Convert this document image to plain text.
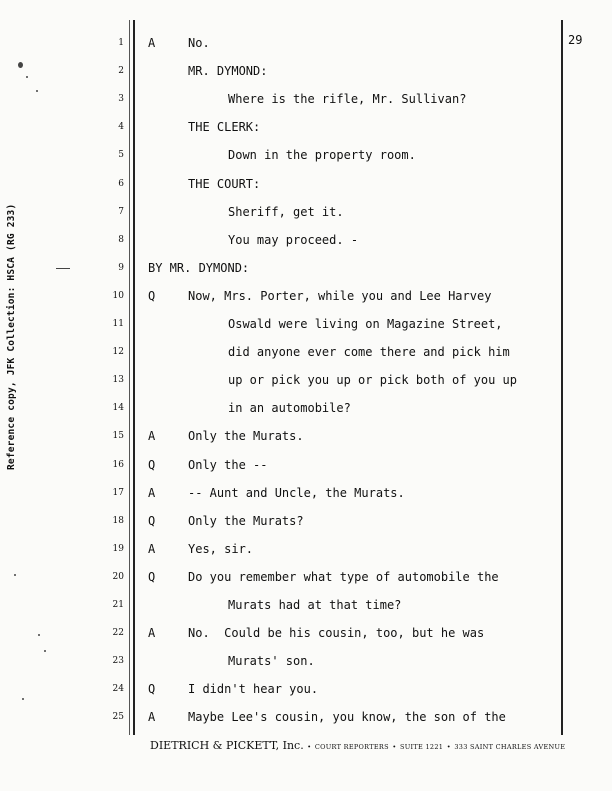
29
Reference copy, JFK Collection: HSCA (RG 233)
1 A	No.
2	MR. DYMOND:
3	Where is the rifle, Mr. Sullivan?
4	THE CLERK:
5	Down in the property room.
6	THE COURT:
7	Sheriff, get it.
8	You may proceed. -
9 BY MR. DYMOND:
10 Q	Now, Mrs. Porter, while you and Lee Harvey
11	Oswald were living on Magazine Street,
12	did anyone ever come there and pick him
13	up or pick you up or pick both of you up
14	in an automobile?
15 A	Only the Murats.
16 Q	Only the --
17 A	-- Aunt and Uncle, the Murats.
18 Q	Only the Murats?
19 A	Yes, sir.
20 Q	Do you remember what type of automobile the
21	Murats had at that time?
22 A	No.  Could be his cousin, too, but he was
23	Murats' son.
24 Q	I didn't hear you.
25 A	Maybe Lee's cousin, you know, the son of the
DIETRICH & PICKETT, Inc. • COURT REPORTERS • SUITE 1221 • 333 SAINT CHARLES AVENUE
